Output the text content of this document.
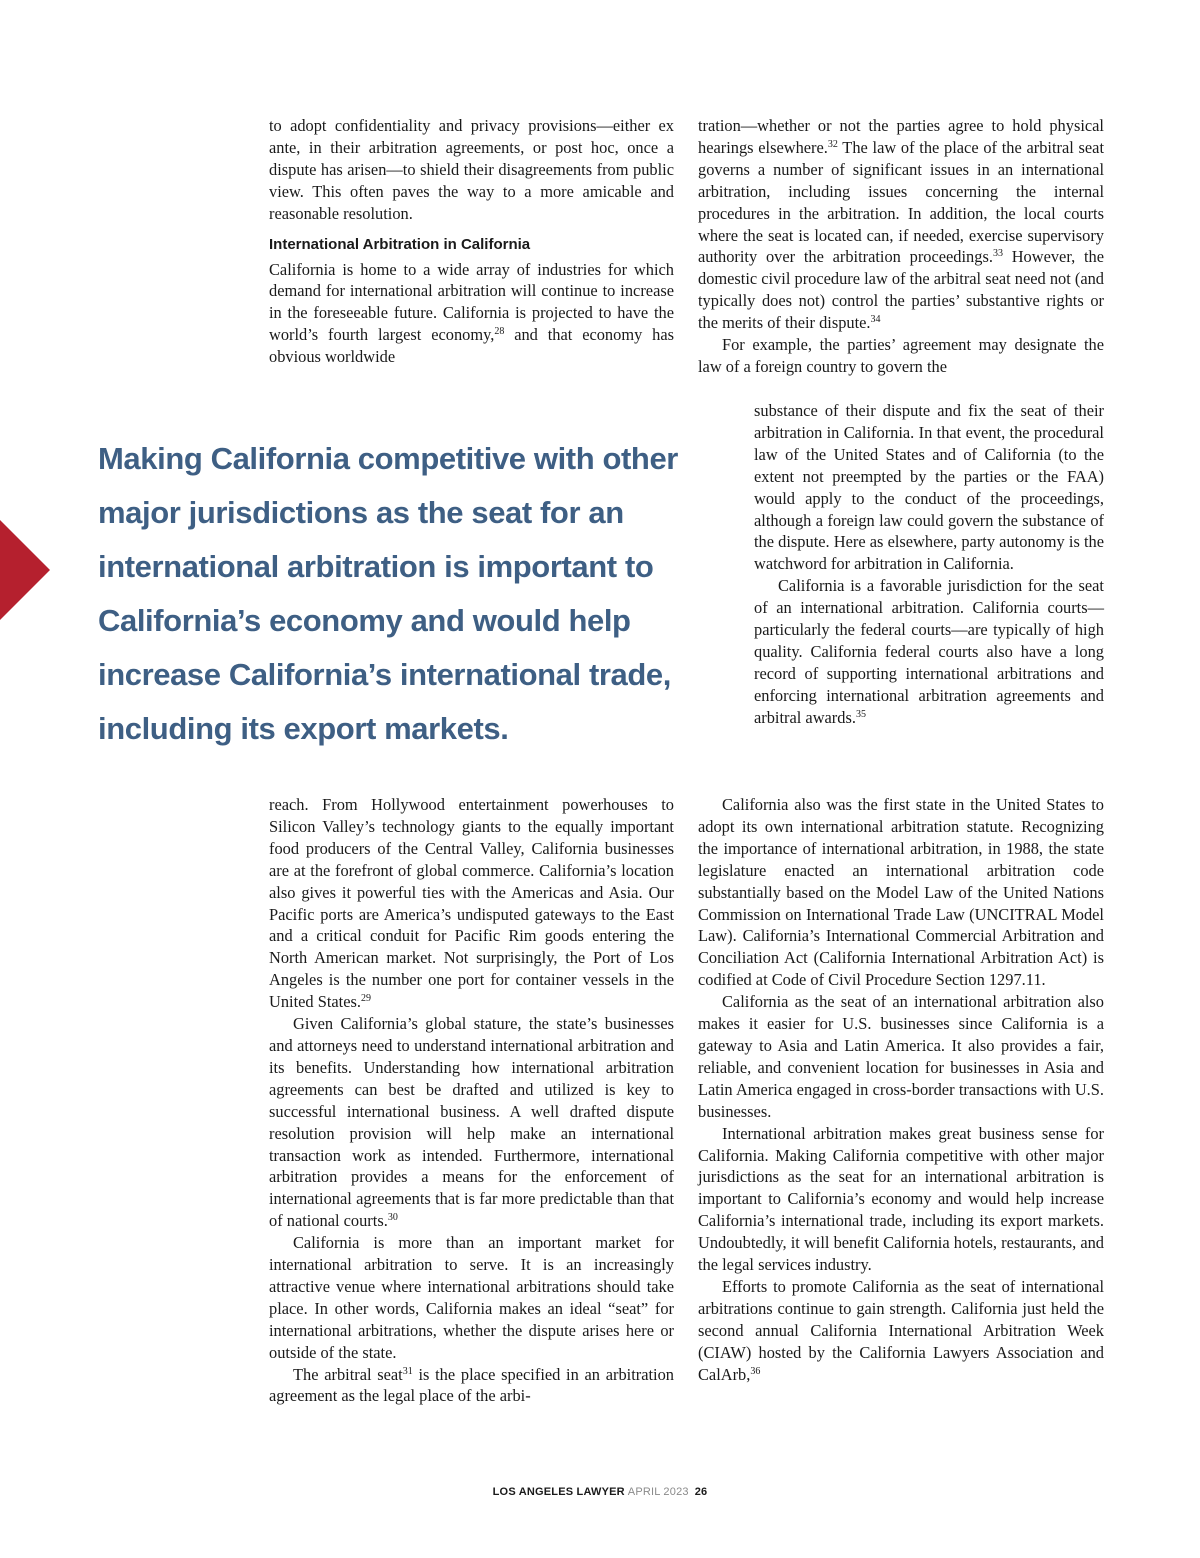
to adopt confidentiality and privacy provisions—either ex ante, in their arbitration agreements, or post hoc, once a dispute has arisen—to shield their disagreements from public view. This often paves the way to a more amicable and reasonable resolution.

International Arbitration in California

California is home to a wide array of industries for which demand for international arbitration will continue to increase in the foreseeable future. California is projected to have the world’s fourth largest economy,$^{28}$ and that economy has obvious worldwide

Making California competitive with other major jurisdictions as the seat for an international arbitration is important to California’s economy and would help increase California’s international trade, including its export markets.

reach. From Hollywood entertainment powerhouses to Silicon Valley’s technology giants to the equally important food producers of the Central Valley, California businesses are at the forefront of global commerce. California’s location also gives it powerful ties with the Americas and Asia. Our Pacific ports are America’s undisputed gateways to the East and a critical conduit for Pacific Rim goods entering the North American market. Not surprisingly, the Port of Los Angeles is the number one port for container vessels in the United States.$^{29}$

Given California’s global stature, the state’s businesses and attorneys need to understand international arbitration and its benefits. Understanding how international arbitration agreements can best be drafted and utilized is key to successful international business. A well drafted dispute resolution provision will help make an international transaction work as intended. Furthermore, international arbitration provides a means for the enforcement of international agreements that is far more predictable than that of national courts.$^{30}$

California is more than an important market for international arbitration to serve. It is an increasingly attractive venue where international arbitrations should take place. In other words, California makes an ideal “seat” for international arbitrations, whether the dispute arises here or outside of the state.

The arbitral seat$^{31}$ is the place specified in an arbitration agreement as the legal place of the arbi-

tration—whether or not the parties agree to hold physical hearings elsewhere.$^{32}$ The law of the place of the arbitral seat governs a number of significant issues in an international arbitration, including issues concerning the internal procedures in the arbitration. In addition, the local courts where the seat is located can, if needed, exercise supervisory authority over the arbitration proceedings.$^{33}$ However, the domestic civil procedure law of the arbitral seat need not (and typically does not) control the parties’ substantive rights or the merits of their dispute.$^{34}$

For example, the parties’ agreement may designate the law of a foreign country to govern the

substance of their dispute and fix the seat of their arbitration in California. In that event, the procedural law of the United States and of California (to the extent not preempted by the parties or the FAA) would apply to the conduct of the proceedings, although a foreign law could govern the substance of the dispute. Here as elsewhere, party autonomy is the watchword for arbitration in California.

California is a favorable jurisdiction for the seat of an international arbitration. California courts—particularly the federal courts—are typically of high quality. California federal courts also have a long record of supporting international arbitrations and enforcing international arbitration agreements and arbitral awards.$^{35}$

California also was the first state in the United States to adopt its own international arbitration statute. Recognizing the importance of international arbitration, in 1988, the state legislature enacted an international arbitration code substantially based on the Model Law of the United Nations Commission on International Trade Law (UNCITRAL Model Law). California’s International Commercial Arbitration and Conciliation Act (California International Arbitration Act) is codified at Code of Civil Procedure Section 1297.11.

California as the seat of an international arbitration also makes it easier for U.S. businesses since California is a gateway to Asia and Latin America. It also provides a fair, reliable, and convenient location for businesses in Asia and Latin America engaged in cross-border transactions with U.S. businesses.

International arbitration makes great business sense for California. Making California competitive with other major jurisdictions as the seat for an international arbitration is important to California’s economy and would help increase California’s international trade, including its export markets. Undoubtedly, it will benefit California hotels, restaurants, and the legal services industry.

Efforts to promote California as the seat of international arbitrations continue to gain strength. California just held the second annual California International Arbitration Week (CIAW) hosted by the California Lawyers Association and CalArb,$^{36}$

LOS ANGELES LAWYER APRIL 2023 26
